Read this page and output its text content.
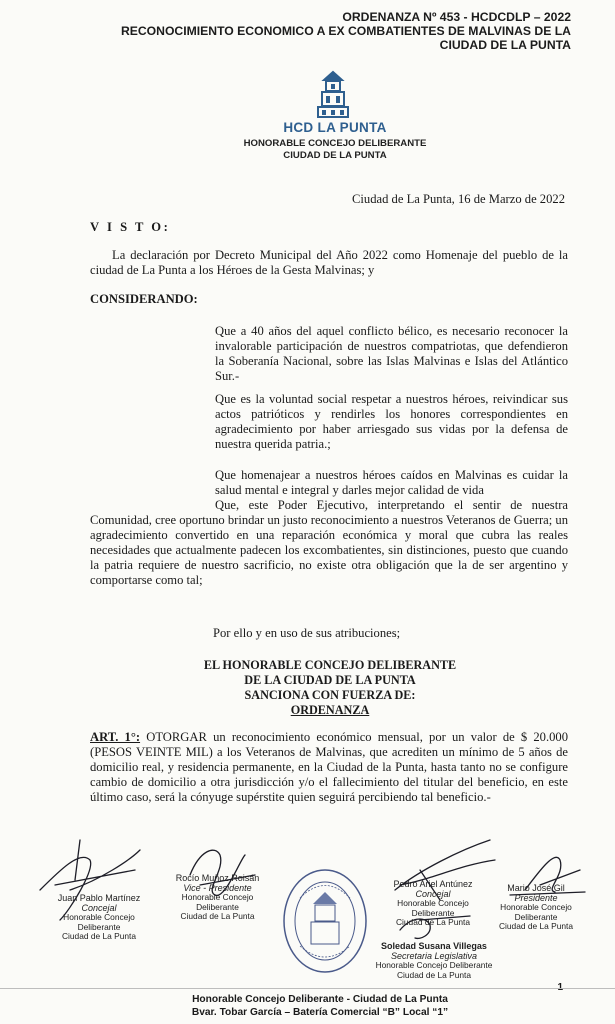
ORDENANZA Nº 453 - HCDCDLP – 2022
RECONOCIMIENTO ECONOMICO A EX COMBATIENTES DE MALVINAS DE LA
CIUDAD DE LA PUNTA
HCD LA PUNTA
HONORABLE CONCEJO DELIBERANTE
CIUDAD DE LA PUNTA
Ciudad de La Punta, 16 de Marzo de 2022
V I S T O:
La declaración por Decreto Municipal del Año 2022 como Homenaje del pueblo de la ciudad de La Punta a los Héroes de la Gesta Malvinas; y
CONSIDERANDO:
Que a 40 años del aquel conflicto bélico, es necesario reconocer la invalorable participación de nuestros compatriotas, que defendieron la Soberanía Nacional, sobre las Islas Malvinas e Islas del Atlántico Sur.-
Que es la voluntad social respetar a nuestros héroes, reivindicar sus actos patrióticos y rendirles los honores correspondientes en agradecimiento por haber arriesgado sus vidas por la defensa de nuestra querida patria.;
Que homenajear a nuestros héroes caídos en Malvinas es cuidar la salud mental e integral y darles mejor calidad de vida
Que, este Poder Ejecutivo, interpretando el sentir de nuestra Comunidad, cree oportuno brindar un justo reconocimiento a nuestros Veteranos de Guerra; un agradecimiento convertido en una reparación económica y moral que cubra las reales necesidades que actualmente padecen los excombatientes, sin distinciones, puesto que cuando la patria requiere de nuestro sacrificio, no existe otra obligación que la de ser argentino y comportarse como tal;
Por ello y en uso de sus atribuciones;
EL HONORABLE CONCEJO DELIBERANTE
DE LA CIUDAD DE LA PUNTA
SANCIONA CON FUERZA DE:
ORDENANZA
ART. 1°: OTORGAR un reconocimiento económico mensual, por un valor de $ 20.000 (PESOS VEINTE MIL) a los Veteranos de Malvinas, que acrediten un mínimo de 5 años de domicilio real, y residencia permanente, en la Ciudad de la Punta, hasta tanto no se configure cambio de domicilio a otra jurisdicción y/o el fallecimiento del titular del beneficio, en este último caso, será la cónyuge supérstite quien seguirá percibiendo tal beneficio.-
Juan Pablo Martínez
Concejal
Honorable Concejo Deliberante
Ciudad de La Punta
Rocío Muñoz Roisán
Vice - Presidente
Honorable Concejo Deliberante
Ciudad de La Punta
Pedro Ariel Antúnez
Concejal
Honorable Concejo Deliberante
Ciudad de La Punta
Mario José Gil
Presidente
Honorable Concejo Deliberante
Ciudad de La Punta
Soledad Susana Villegas
Secretaria Legislativa
Honorable Concejo Deliberante
Ciudad de La Punta
Honorable Concejo Deliberante - Ciudad de La Punta
Bvar. Tobar García – Batería Comercial “B” Local “1”
